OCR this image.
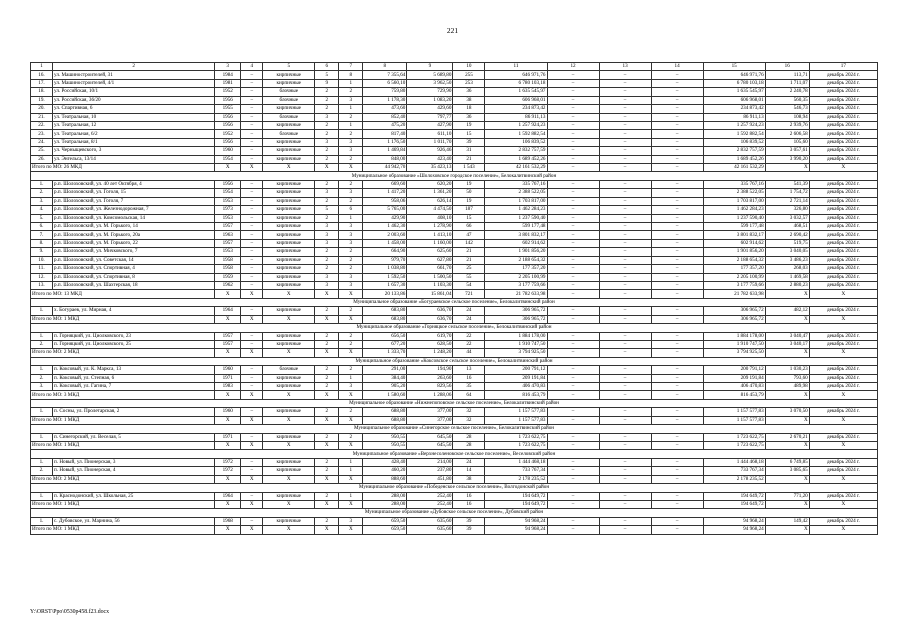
221
1	2	3	4	5	6	7	8	9	10	11	12	13	14	15	16	17
16.	ул. Машиностроителей, 31	1984	–	кирпичные	5	8	7 355,64	5 689,80	255	646 971,76	–	–	–	646 971,76	113,71	декабрь 2024 г.
17.	ул. Машиностроителей, 4/1	1981	–	кирпичные	9	1	6 560,10	3 962,50	253	6 780 103,18	–	–	–	6 780 103,18	1 711,07	декабрь 2024 г.
18.	ул. Российская, 10/1	1952	–	блочные	2	2	759,80	729,90	36	1 635 545,97	–	–	–	1 635 545,97	2 240,78	декабрь 2024 г.
19.	ул. Российская, 36/20	1956	–	блочные	2	3	1 178,30	1 083,20	38	606 968,01	–	–	–	606 968,01	560,35	декабрь 2024 г.
20.	ул. Спартивная, 6	1955	–	кирпичные	2	1	473,60	429,60	18	234 873,42	–	–	–	234 873,42	546,73	декабрь 2024 г.
21.	ул. Театральная, 10	1956	–	блочные	3	2	852,40	797,77	36	86 911,13	–	–	–	86 911,13	108,94	декабрь 2024 г.
22.	ул. Театральная, 12	1956	–	кирпичные	2	1	475,20	427,90	19	1 257 924,23	–	–	–	1 257 924,23	2 939,76	декабрь 2024 г.
23.	ул. Театральная, 6/2	1952	–	блочные	2	2	817,40	611,10	15	1 592 882,54	–	–	–	1 592 882,54	2 606,58	декабрь 2024 г.
24.	ул. Театральная, 8/1	1956	–	кирпичные	3	3	1 176,50	1 011,70	39	106 839,52	–	–	–	106 839,52	105,60	декабрь 2024 г.
25.	ул. Черныщевского, 3	1960	–	кирпичные	2	3	1 469,84	926,46	31	2 832 757,59	–	–	–	2 832 757,59	3 057,61	декабрь 2024 г.
26.	ул. Энгельса, 13/14	1954	–	кирпичные	2	2	848,00	423,40	21	1 689 452,26	–	–	–	1 689 452,26	3 990,20	декабрь 2024 г.
Итого по МО: 26 МКД		X	X	X	X	X	44 942,70	35 423,13	1 543	42 161 532,29	–	–	–	42 161 532,29	X	X
Муниципальное образование «Шолоховское городское поселение», Белокалитвинский район																
1.	р.п. Шолоховский, ул. 40 лет Октября, 4	1956	–	кирпичные	2	2	669,60	620,20	19	335 767,16	–	–	–	335 767,16	541,39	декабрь 2024 г.
2.	р.п. Шолоховский, ул. Гоголя, 15	1954	–	кирпичные	3	3	1 417,20	1 361,20	50	2 388 522,05	–	–	–	2 388 522,05	1 754,72	декабрь 2024 г.
3.	р.п. Шолоховский, ул. Гоголя, 7	1953	–	кирпичные	2	2	958,06	626,14	19	1 703 817,00	–	–	–	1 703 817,00	2 721,14	декабрь 2024 г.
4.	р.п. Шолоховский, ул. Железнодорожная, 7	1973	–	кирпичные	5	6	5 765,00	4 474,50	187	1 462 284,23	–	–	–	1 462 284,23	326,80	декабрь 2024 г.
5.	р.п. Шолоховский, ул. Комсомольская, 14	1953	–	кирпичные	2	1	429,90	408,10	15	1 237 590,40	–	–	–	1 237 590,40	3 032,57	декабрь 2024 г.
6.	р.п. Шолоховский, ул. М. Горького, 14	1957	–	кирпичные	3	3	1 462,30	1 278,90	66	599 177,48	–	–	–	599 177,48	468,51	декабрь 2024 г.
7.	р.п. Шолоховский, ул. М. Горького, 20а	1963	–	кирпичные	3	3	2 003,60	1 413,10	47	3 801 832,17	–	–	–	3 801 832,17	2 690,42	декабрь 2024 г.
8.	р.п. Шолоховский, ул. М. Горького, 22	1957	–	кирпичные	3	3	1 458,00	1 160,00	142	602 914,62	–	–	–	602 914,62	519,75	декабрь 2024 г.
9.	р.п. Шолоховский, ул. Мичковского, 7	1953	–	кирпичные	2	2	664,90	625,60	21	1 901 856,20	–	–	–	1 901 856,20	3 040,05	декабрь 2024 г.
10.	р.п. Шолоховский, ул. Советская, 14	1958	–	кирпичные	2	2	979,70	627,80	21	2 188 654,32	–	–	–	2 188 654,32	3 486,23	декабрь 2024 г.
11.	р.п. Шолоховский, ул. Спортивная, 4	1958	–	кирпичные	2	2	1 038,80	661,70	25	177 357,20	–	–	–	177 357,20	268,03	декабрь 2024 г.
12.	р.п. Шолоховский, ул. Спортивная, 8	1959	–	кирпичные	3	3	1 592,50	1 500,50	55	2 205 100,99	–	–	–	2 205 100,99	1 469,58	декабрь 2024 г.
13.	р.п. Шолоховский, ул. Шахтерская, 18	1962	–	кирпичные	3	3	1 657,30	1 103,30	54	3 177 759,66	–	–	–	3 177 759,66	2 880,23	декабрь 2024 г.
Итого по МО: 13 МКД		X	X	X	X	X	20 133,86	15 861,04	721	21 782 633,98	–	–	–	21 782 633,98	X	X
Муниципальное образование «Богураевское сельское поселение», Белокалитвинский район																
1.	х. Богураев, ул. Мирная, 4	1964	–	кирпичные	2	2	683,80	636,70	24	306 965,72	–	–	–	306 965,72	482,12	декабрь 2024 г.
Итого по МО: 1 МКД		X	X	X	X	X	683,80	636,70	24	306 965,72	–	–	–	306 965,72	X	X
Муниципальное образование «Горняцкое сельское поселение», Белокалитвинский район																
1.	п. Горняцкий, ул. Циолковского, 23	1957	–	кирпичные	2	2	656,50	619,70	22	1 884 178,00	–	–	–	1 884 178,00	3 040,47	декабрь 2024 г.
2.	п. Горняцкий, ул. Циолковского, 25	1957	–	кирпичные	2	2	677,20	628,50	22	1 910 747,50	–	–	–	1 910 747,50	3 040,17	декабрь 2024 г.
Итого по МО: 2 МКД		X	X	X	X	X	1 333,70	1 248,20	44	3 794 925,50	–	–	–	3 794 925,50	X	X
Муниципальное образование «Коксовское сельское поселение», Белокалитвинский район																
1.	п. Коксовый, ул. К. Маркса, 13	1960	–	блочные	2	2	291,00	194,90	13	200 791,12	–	–	–	200 791,12	1 030,23	декабрь 2024 г.
2.	п. Коксовый, ул. Степная, 6	1971	–	кирпичные	2	1	384,40	263,60	16	209 191,84	–	–	–	209 191,84	793,60	декабрь 2024 г.
3.	п. Коксовый, ул. Гагина, 7	1983	–	кирпичные	2	3	905,20	829,56	35	406 470,83	–	–	–	406 470,83	489,98	декабрь 2024 г.
Итого по МО: 3 МКД		X	X	X	X	X	1 580,60	1 288,06	64	816 453,79	–	–	–	816 453,79	X	X
Муниципальное образование «Нижнепоповское сельское поселение», Белокалитвинский район																
1.	п. Сосны, ул. Пролетарская, 2	1960	–	кирпичные	2	2	688,80	377,00	32	1 157 577,83	–	–	–	1 157 577,83	3 070,50	декабрь 2024 г.
Итого по МО: 1 МКД		X	X	X	X	X	688,80	377,00	32	1 157 577,83	–	–	–	1 157 577,83	X	X
Муниципальное образование «Синегорское сельское поселение», Белокалитвинский район																
1.	п. Синегорский, ул. Веселая, 5	1971	–	кирпичные	2	2	950,55	645,50	28	1 723 622,75	–	–	–	1 723 622,75	2 670,21	декабрь 2024 г.
Итого по МО: 1 МКД		X	X	X	X	X	950,55	645,50	28	1 723 622,75	–	–	–	1 723 622,75	X	X
Муниципальное образование «Верхнесоленовское сельское поселение», Веселовский район																
1.	п. Новый, ул. Пионерская, 3	1972	–	кирпичные	2	1	428,40	214,00	24	1 444 468,18	–	–	–	1 444 468,18	6 749,85	декабрь 2024 г.
2.	п. Новый, ул. Пионерская, 4	1972	–	кирпичные	2	1	460,20	237,80	14	733 767,34	–	–	–	733 767,34	3 085,65	декабрь 2024 г.
Итого по МО: 2 МКД		X	X	X	X	X	888,60	451,80	38	2 178 235,52	–	–	–	2 178 235,52	X	X
Муниципальное образование «Победенское сельское поселение», Волгодонской район																
1.	п. Краснодонский, ул. Школьная, 25	1964	–	кирпичные	2	1	288,00	252,40	16	194 649,72	–	–	–	194 649,72	771,20	декабрь 2024 г.
Итого по МО: 1 МКД		X	X	X	X	X	288,00	252,40	16	194 649,72	–	–	–	194 649,72	X	X
Муниципальное образование «Дубовское сельское поселение», Дубовский район																
1.	с. Дубовское, ул. Марнина, 56	1968	–	кирпичные	2	3	659,50	635,60	39	94 968,24	–	–	–	94 968,24	149,42	декабрь 2024 г.
Итого по МО: 1 МКД		X	X	X	X	X	659,50	635,60	39	94 968,24	–	–	–	94 968,24	X	X
Y:\ORST\Ppo\0530p458.f23.docx
